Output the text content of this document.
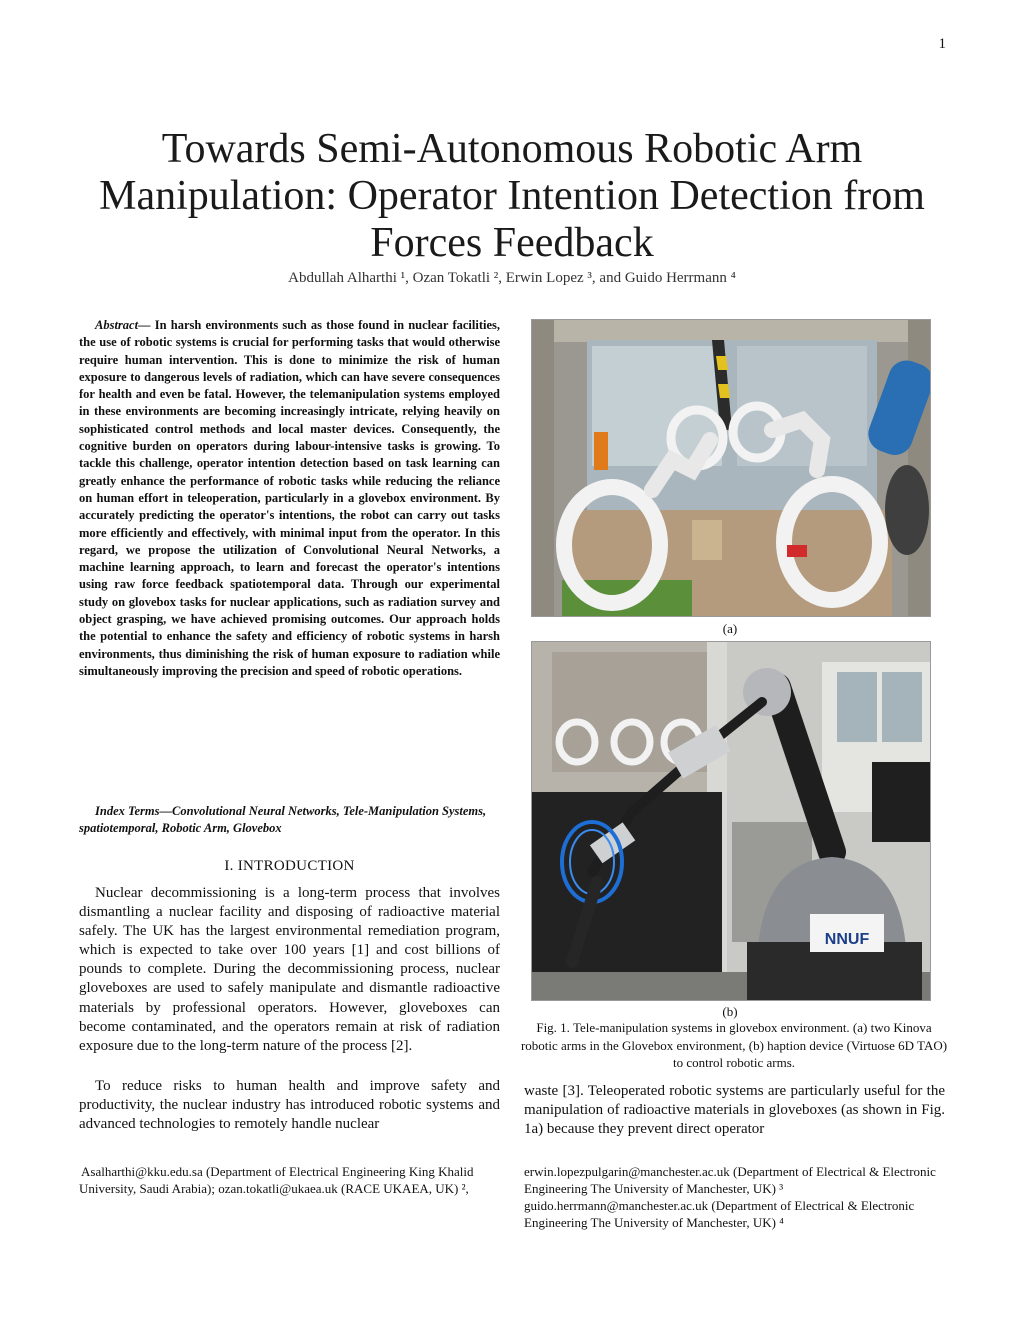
1
Towards Semi-Autonomous Robotic Arm Manipulation: Operator Intention Detection from Forces Feedback
Abdullah Alharthi ¹, Ozan Tokatli ², Erwin Lopez ³, and Guido Herrmann ⁴

Abstract— In harsh environments such as those found in nuclear facilities, the use of robotic systems is crucial for performing tasks that would otherwise require human intervention. This is done to minimize the risk of human exposure to dangerous levels of radiation, which can have severe consequences for health and even be fatal. However, the telemanipulation systems employed in these environments are becoming increasingly intricate, relying heavily on sophisticated control methods and local master devices. Consequently, the cognitive burden on operators during labour-intensive tasks is growing. To tackle this challenge, operator intention detection based on task learning can greatly enhance the performance of robotic tasks while reducing the reliance on human effort in teleoperation, particularly in a glovebox environment. By accurately predicting the operator's intentions, the robot can carry out tasks more efficiently and effectively, with minimal input from the operator. In this regard, we propose the utilization of Convolutional Neural Networks, a machine learning approach, to learn and forecast the operator's intentions using raw force feedback spatiotemporal data. Through our experimental study on glovebox tasks for nuclear applications, such as radiation survey and object grasping, we have achieved promising outcomes. Our approach holds the potential to enhance the safety and efficiency of robotic systems in harsh environments, thus diminishing the risk of human exposure to radiation while simultaneously improving the precision and speed of robotic operations.

Index Terms—Convolutional Neural Networks, Tele-Manipulation Systems, spatiotemporal, Robotic Arm, Glovebox

I. INTRODUCTION

Nuclear decommissioning is a long-term process that involves dismantling a nuclear facility and disposing of radioactive material safely. The UK has the largest environmental remediation program, which is expected to take over 100 years [1] and cost billions of pounds to complete. During the decommissioning process, nuclear gloveboxes are used to safely manipulate and dismantle radioactive materials by professional operators. However, gloveboxes can become contaminated, and the operators remain at risk of radiation exposure due to the long-term nature of the process [2].

To reduce risks to human health and improve safety and productivity, the nuclear industry has introduced robotic systems and advanced technologies to remotely handle nuclear

(a)
NNUF
(b)

Fig. 1. Tele-manipulation systems in glovebox environment. (a) two Kinova robotic arms in the Glovebox environment, (b) haption device (Virtuose 6D TAO) to control robotic arms.

waste [3]. Teleoperated robotic systems are particularly useful for the manipulation of radioactive materials in gloveboxes (as shown in Fig. 1a) because they prevent direct operator

Asalharthi@kku.edu.sa (Department of Electrical Engineering King Khalid University, Saudi Arabia); ozan.tokatli@ukaea.uk (RACE UKAEA, UK) ²,

erwin.lopezpulgarin@manchester.ac.uk (Department of Electrical & Electronic Engineering The University of Manchester, UK) ³ guido.herrmann@manchester.ac.uk (Department of Electrical & Electronic Engineering The University of Manchester, UK) ⁴
